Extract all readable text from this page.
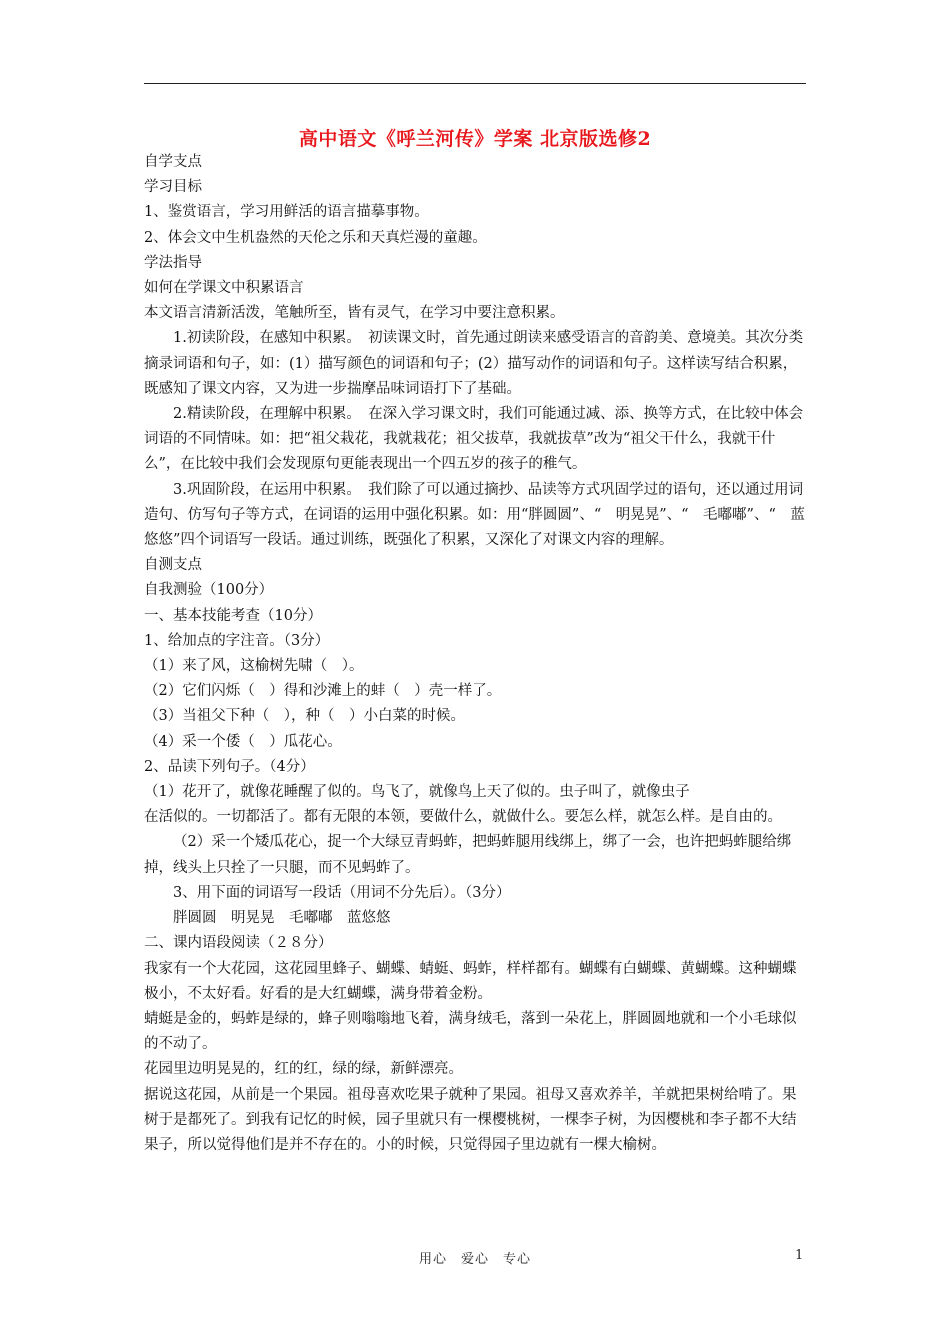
高中语文《呼兰河传》学案 北京版选修2

自学支点

学习目标

1、鉴赏语言，学习用鲜活的语言描摹事物。

2、体会文中生机盎然的天伦之乐和天真烂漫的童趣。

学法指导

如何在学课文中积累语言

本文语言清新活泼，笔触所至，皆有灵气，在学习中要注意积累。

1.初读阶段，在感知中积累。　初读课文时，首先通过朗读来感受语言的音韵美、意境美。其次分类摘录词语和句子，如：(1）描写颜色的词语和句子；(2）描写动作的词语和句子。这样读写结合积累，既感知了课文内容，又为进一步揣摩品味词语打下了基础。

2.精读阶段，在理解中积累。　在深入学习课文时，我们可能通过减、添、换等方式，在比较中体会词语的不同情味。如：把“祖父栽花，我就栽花；祖父拔草，我就拔草”改为“祖父干什么，我就干什么”，在比较中我们会发现原句更能表现出一个四五岁的孩子的稚气。

3.巩固阶段，在运用中积累。　我们除了可以通过摘抄、品读等方式巩固学过的语句，还以通过用词造句、仿写句子等方式，在词语的运用中强化积累。如：用“胖圆圆”、“　明晃晃”、“　毛嘟嘟”、“　蓝悠悠”四个词语写一段话。通过训练，既强化了积累，又深化了对课文内容的理解。

自测支点

自我测验（100分）

一、基本技能考查（10分）

1、给加点的字注音。（3分）

（1）来了风，这榆树先啸（　）。

（2）它们闪烁（　）得和沙滩上的蚌（　）壳一样了。

（3）当祖父下种（　），种（　）小白菜的时候。

（4）采一个倭（　）瓜花心。

2、品读下列句子。（4分）

（1）花开了，就像花睡醒了似的。鸟飞了，就像鸟上天了似的。虫子叫了，就像虫子

在活似的。一切都活了。都有无限的本领，要做什么，就做什么。要怎么样，就怎么样。是自由的。

（2）采一个矮瓜花心，捉一个大绿豆青蚂蚱，把蚂蚱腿用线绑上，绑了一会，也许把蚂蚱腿给绑掉，线头上只拴了一只腿，而不见蚂蚱了。

3、用下面的词语写一段话（用词不分先后）。（3分）

胖圆圆　明晃晃　毛嘟嘟　蓝悠悠

二、课内语段阅读（２８分）

我家有一个大花园，这花园里蜂子、蝴蝶、蜻蜓、蚂蚱，样样都有。蝴蝶有白蝴蝶、黄蝴蝶。这种蝴蝶极小，不太好看。好看的是大红蝴蝶，满身带着金粉。

蜻蜓是金的，蚂蚱是绿的，蜂子则嗡嗡地飞着，满身绒毛，落到一朵花上，胖圆圆地就和一个小毛球似的不动了。

花园里边明晃晃的，红的红，绿的绿，新鲜漂亮。

据说这花园，从前是一个果园。祖母喜欢吃果子就种了果园。祖母又喜欢养羊，羊就把果树给啃了。果树于是都死了。到我有记忆的时候，园子里就只有一棵樱桃树，一棵李子树，为因樱桃和李子都不大结果子，所以觉得他们是并不存在的。小的时候，只觉得园子里边就有一棵大榆树。

用心　爱心　专心	1
